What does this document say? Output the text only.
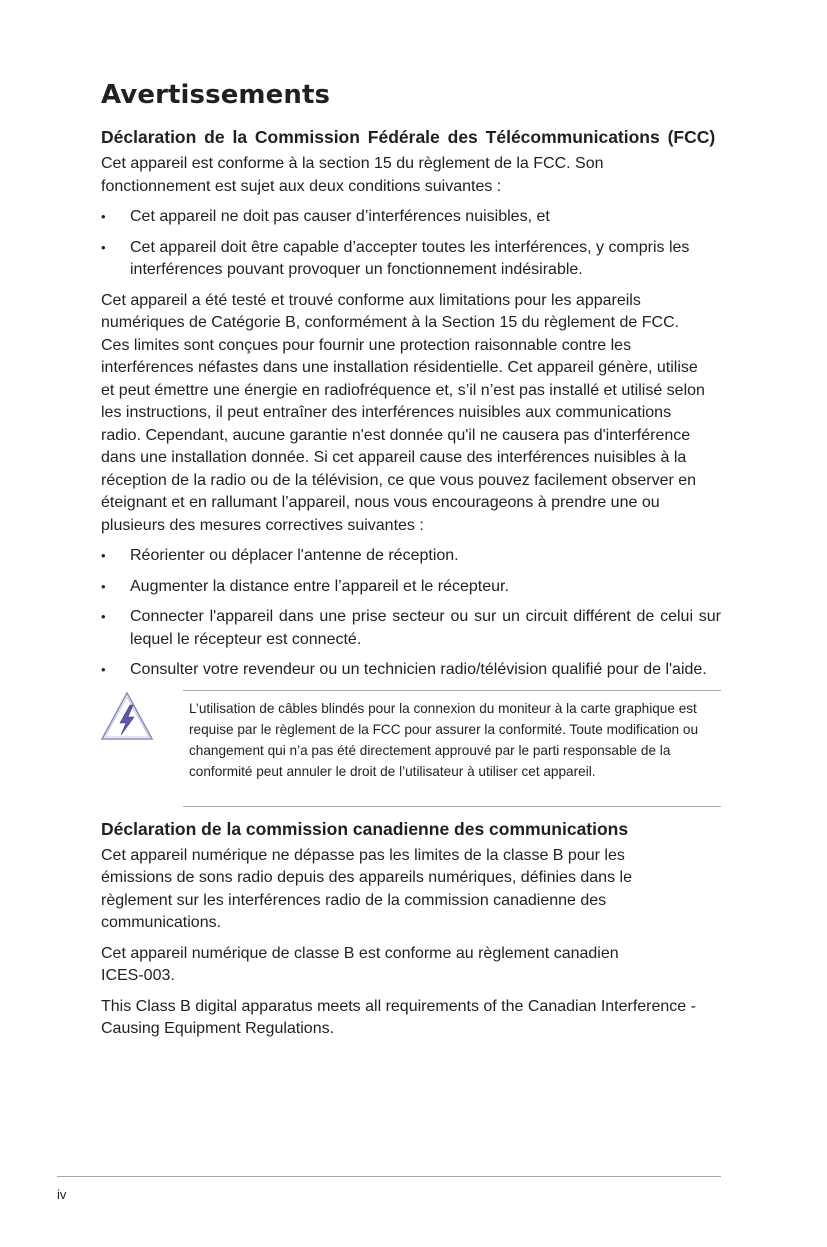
Avertissements
Déclaration de la Commission Fédérale des Télécommunications (FCC)

Cet appareil est conforme à la section 15 du règlement de la FCC. Son fonctionnement est sujet aux deux conditions suivantes :

•	Cet appareil ne doit pas causer d’interférences nuisibles, et
•	Cet appareil doit être capable d’accepter toutes les interférences, y compris les interférences pouvant provoquer un fonctionnement indésirable.

Cet appareil a été testé et trouvé conforme aux limitations pour les appareils numériques de Catégorie B, conformément à la Section 15 du règlement de FCC. Ces limites sont conçues pour fournir une protection raisonnable contre les interférences néfastes dans une installation résidentielle. Cet appareil génère, utilise et peut émettre une énergie en radiofréquence et, s’il n’est pas installé et utilisé selon les instructions, il peut entraîner des interférences nuisibles aux communications radio. Cependant, aucune garantie n'est donnée qu'il ne causera pas d'interférence dans une installation donnée. Si cet appareil cause des interférences nuisibles à la réception de la radio ou de la télévision, ce que vous pouvez facilement observer en éteignant et en rallumant l’appareil, nous vous encourageons à prendre une ou plusieurs des mesures correctives suivantes :

•	Réorienter ou déplacer l'antenne de réception.
•	Augmenter la distance entre l’appareil et le récepteur.
•	Connecter l'appareil dans une prise secteur ou sur un circuit différent de celui sur lequel le récepteur est connecté.
•	Consulter votre revendeur ou un technicien radio/télévision qualifié pour de l'aide.

L’utilisation de câbles blindés pour la connexion du moniteur à la carte graphique est requise par le règlement de la FCC pour assurer la conformité. Toute modification ou changement qui n’a pas été directement approuvé par le parti responsable de la conformité peut annuler le droit de l’utilisateur à utiliser cet appareil.

Déclaration de la commission canadienne des communications

Cet appareil numérique ne dépasse pas les limites de la classe B pour les émissions de sons radio depuis des appareils numériques, définies dans le règlement sur les interférences radio de la commission canadienne des communications.

Cet appareil numérique de classe B est conforme au règlement canadien ICES-003.

This Class B digital apparatus meets all requirements of the Canadian Interference - Causing Equipment Regulations.

iv
